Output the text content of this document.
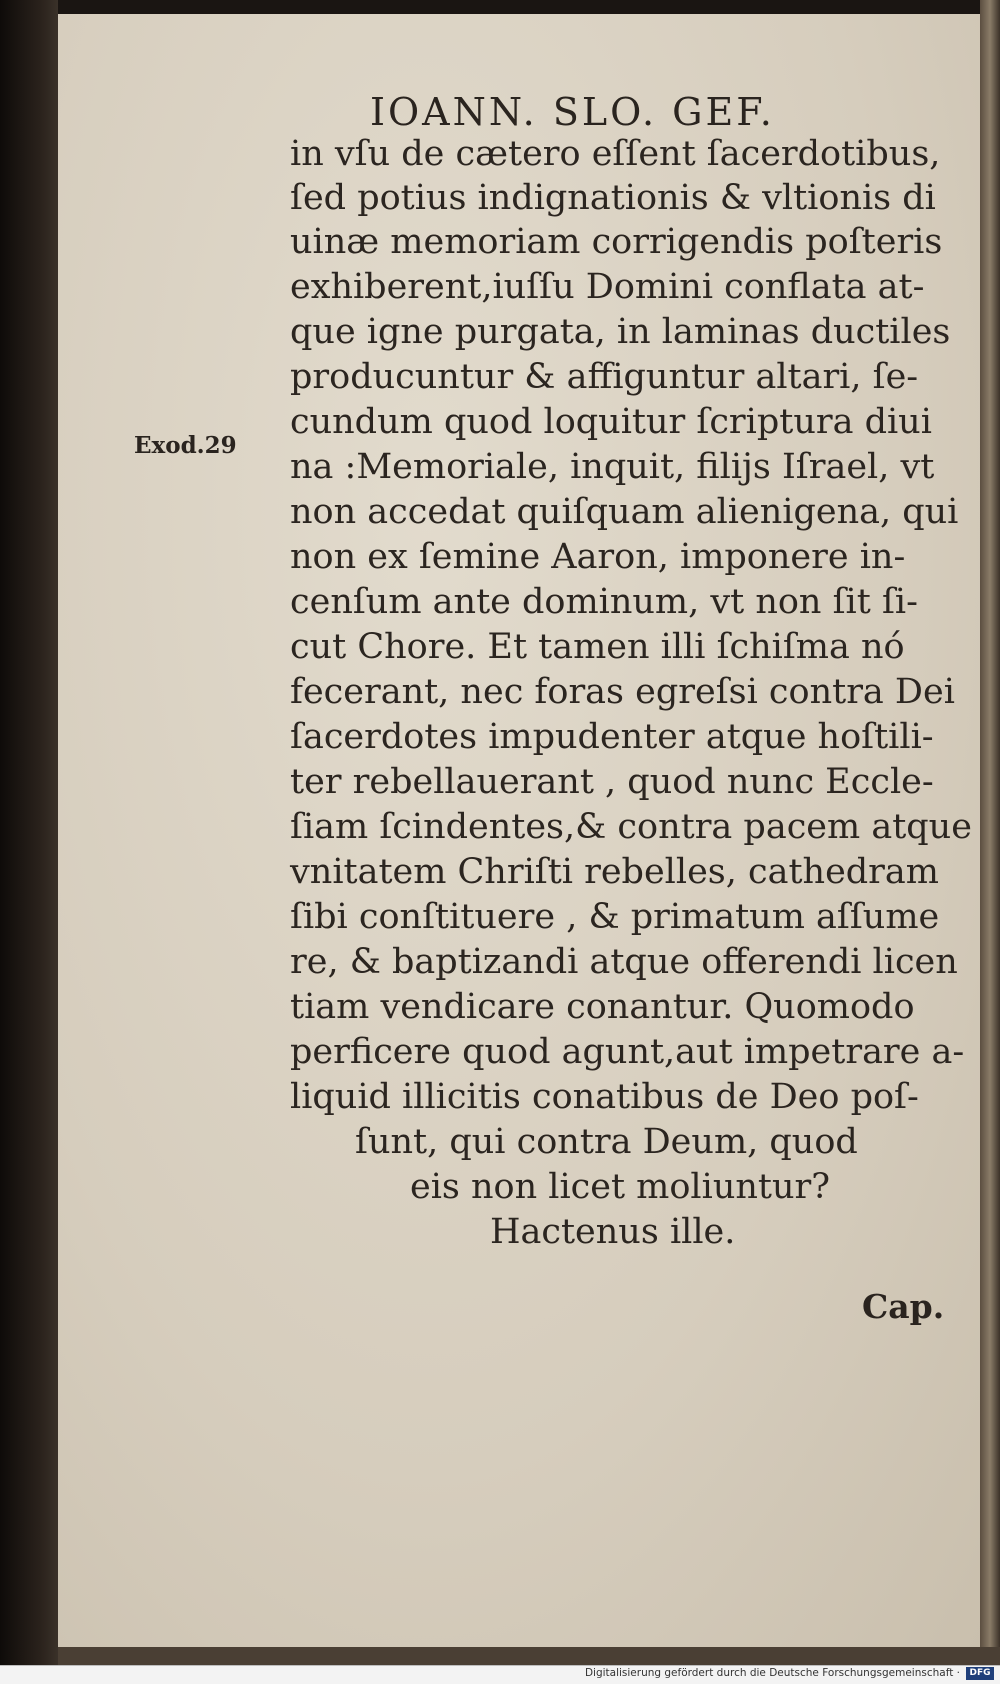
IOANN. SLO. GEF.
Exod.29
in vſu de cætero eſſent ſacerdotibus,
ſed potius indignationis & vltionis di
uinæ memoriam corrigendis poſteris
exhiberent,iuſſu Domini conflata at-
que igne purgata, in laminas ductiles
producuntur & affiguntur altari, ſe-
cundum quod loquitur ſcriptura diui
na :Memoriale, inquit, filijs Iſrael, vt
non accedat quiſquam alienigena, qui
non ex ſemine Aaron, imponere in-
cenſum ante dominum, vt non ſit ſi-
cut Chore. Et tamen illi ſchiſma nó
fecerant, nec foras egreſsi contra Dei
ſacerdotes impudenter atque hoſtili-
ter rebellauerant , quod nunc Eccle-
ſiam ſcindentes,& contra pacem atque
vnitatem Chriſti rebelles, cathedram
ſibi conſtituere , & primatum aſſume
re, & baptizandi atque offerendi licen
tiam vendicare conantur. Quomodo
perficere quod agunt,aut impetrare a-
liquid illicitis conatibus de Deo poſ-
ſunt, qui contra Deum, quod
eis non licet moliuntur?
Hactenus ille.
Cap.
Digitalisierung gefördert durch die Deutsche Forschungsgemeinschaft ·	DFG
